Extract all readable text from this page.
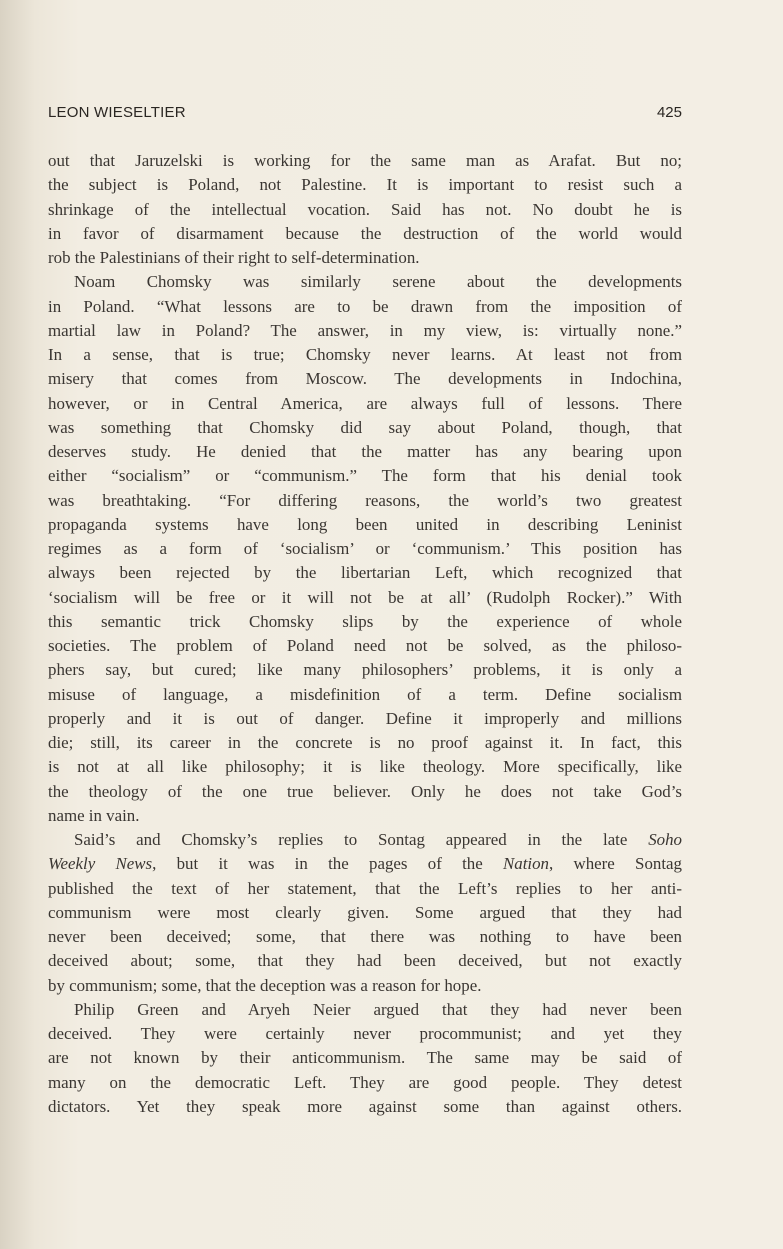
LEON WIESELTIER	425
out that Jaruzelski is working for the same man as Arafat. But no;
the subject is Poland, not Palestine. It is important to resist such a
shrinkage of the intellectual vocation. Said has not. No doubt he is
in favor of disarmament because the destruction of the world would
rob the Palestinians of their right to self-determination.
Noam Chomsky was similarly serene about the developments
in Poland. “What lessons are to be drawn from the imposition of
martial law in Poland? The answer, in my view, is: virtually none.”
In a sense, that is true; Chomsky never learns. At least not from
misery that comes from Moscow. The developments in Indochina,
however, or in Central America, are always full of lessons. There
was something that Chomsky did say about Poland, though, that
deserves study. He denied that the matter has any bearing upon
either “socialism” or “communism.” The form that his denial took
was breathtaking. “For differing reasons, the world’s two greatest
propaganda systems have long been united in describing Leninist
regimes as a form of ‘socialism’ or ‘communism.’ This position has
always been rejected by the libertarian Left, which recognized that
‘socialism will be free or it will not be at all’ (Rudolph Rocker).” With
this semantic trick Chomsky slips by the experience of whole
societies. The problem of Poland need not be solved, as the philoso-
phers say, but cured; like many philosophers’ problems, it is only a
misuse of language, a misdefinition of a term. Define socialism
properly and it is out of danger. Define it improperly and millions
die; still, its career in the concrete is no proof against it. In fact, this
is not at all like philosophy; it is like theology. More specifically, like
the theology of the one true believer. Only he does not take God’s
name in vain.
Said’s and Chomsky’s replies to Sontag appeared in the late Soho
Weekly News, but it was in the pages of the Nation, where Sontag
published the text of her statement, that the Left’s replies to her anti-
communism were most clearly given. Some argued that they had
never been deceived; some, that there was nothing to have been
deceived about; some, that they had been deceived, but not exactly
by communism; some, that the deception was a reason for hope.
Philip Green and Aryeh Neier argued that they had never been
deceived. They were certainly never procommunist; and yet they
are not known by their anticommunism. The same may be said of
many on the democratic Left. They are good people. They detest
dictators. Yet they speak more against some than against others.
